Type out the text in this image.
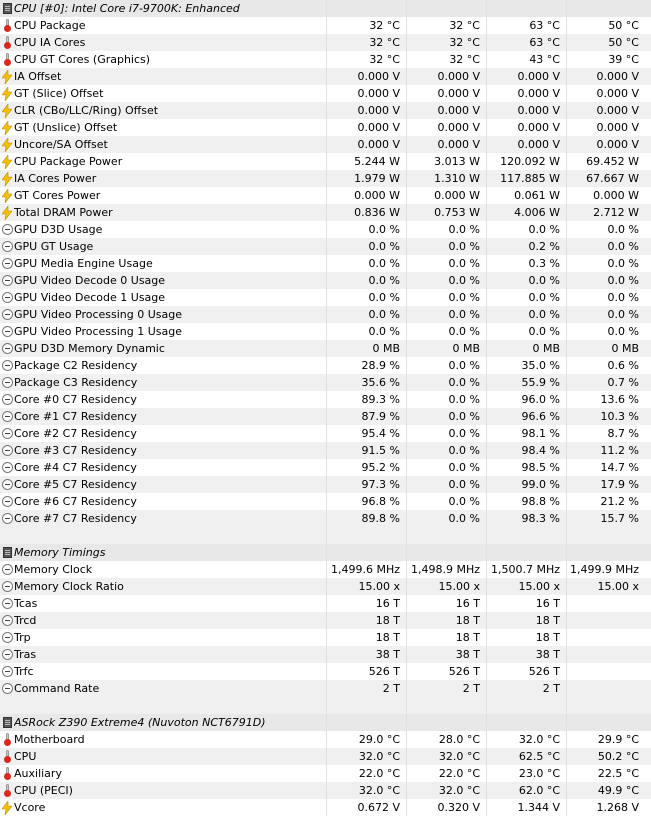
CPU [#0]: Intel Core i7-9700K: Enhanced
CPU Package	32 °C	32 °C	63 °C	50 °C
CPU IA Cores	32 °C	32 °C	63 °C	50 °C
CPU GT Cores (Graphics)	32 °C	32 °C	43 °C	39 °C
IA Offset	0.000 V	0.000 V	0.000 V	0.000 V
GT (Slice) Offset	0.000 V	0.000 V	0.000 V	0.000 V
CLR (CBo/LLC/Ring) Offset	0.000 V	0.000 V	0.000 V	0.000 V
GT (Unslice) Offset	0.000 V	0.000 V	0.000 V	0.000 V
Uncore/SA Offset	0.000 V	0.000 V	0.000 V	0.000 V
CPU Package Power	5.244 W	3.013 W	120.092 W	69.452 W
IA Cores Power	1.979 W	1.310 W	117.885 W	67.667 W
GT Cores Power	0.000 W	0.000 W	0.061 W	0.000 W
Total DRAM Power	0.836 W	0.753 W	4.006 W	2.712 W
GPU D3D Usage	0.0 %	0.0 %	0.0 %	0.0 %
GPU GT Usage	0.0 %	0.0 %	0.2 %	0.0 %
GPU Media Engine Usage	0.0 %	0.0 %	0.3 %	0.0 %
GPU Video Decode 0 Usage	0.0 %	0.0 %	0.0 %	0.0 %
GPU Video Decode 1 Usage	0.0 %	0.0 %	0.0 %	0.0 %
GPU Video Processing 0 Usage	0.0 %	0.0 %	0.0 %	0.0 %
GPU Video Processing 1 Usage	0.0 %	0.0 %	0.0 %	0.0 %
GPU D3D Memory Dynamic	0 MB	0 MB	0 MB	0 MB
Package C2 Residency	28.9 %	0.0 %	35.0 %	0.6 %
Package C3 Residency	35.6 %	0.0 %	55.9 %	0.7 %
Core #0 C7 Residency	89.3 %	0.0 %	96.0 %	13.6 %
Core #1 C7 Residency	87.9 %	0.0 %	96.6 %	10.3 %
Core #2 C7 Residency	95.4 %	0.0 %	98.1 %	8.7 %
Core #3 C7 Residency	91.5 %	0.0 %	98.4 %	11.2 %
Core #4 C7 Residency	95.2 %	0.0 %	98.5 %	14.7 %
Core #5 C7 Residency	97.3 %	0.0 %	99.0 %	17.9 %
Core #6 C7 Residency	96.8 %	0.0 %	98.8 %	21.2 %
Core #7 C7 Residency	89.8 %	0.0 %	98.3 %	15.7 %
Memory Timings
Memory Clock	1,499.6 MHz 1,498.9 MHz 1,500.7 MHz 1,499.9 MHz
Memory Clock Ratio	15.00 x	15.00 x	15.00 x	15.00 x
Tcas	16 T	16 T	16 T
Trcd	18 T	18 T	18 T
Trp	18 T	18 T	18 T
Tras	38 T	38 T	38 T
Trfc	526 T	526 T	526 T
Command Rate	2 T	2 T	2 T
ASRock Z390 Extreme4 (Nuvoton NCT6791D)
Motherboard	29.0 °C	28.0 °C	32.0 °C	29.9 °C
CPU	32.0 °C	32.0 °C	62.5 °C	50.2 °C
Auxiliary	22.0 °C	22.0 °C	23.0 °C	22.5 °C
CPU (PECI)	32.0 °C	32.0 °C	62.0 °C	49.9 °C
Vcore	0.672 V	0.320 V	1.344 V	1.268 V
